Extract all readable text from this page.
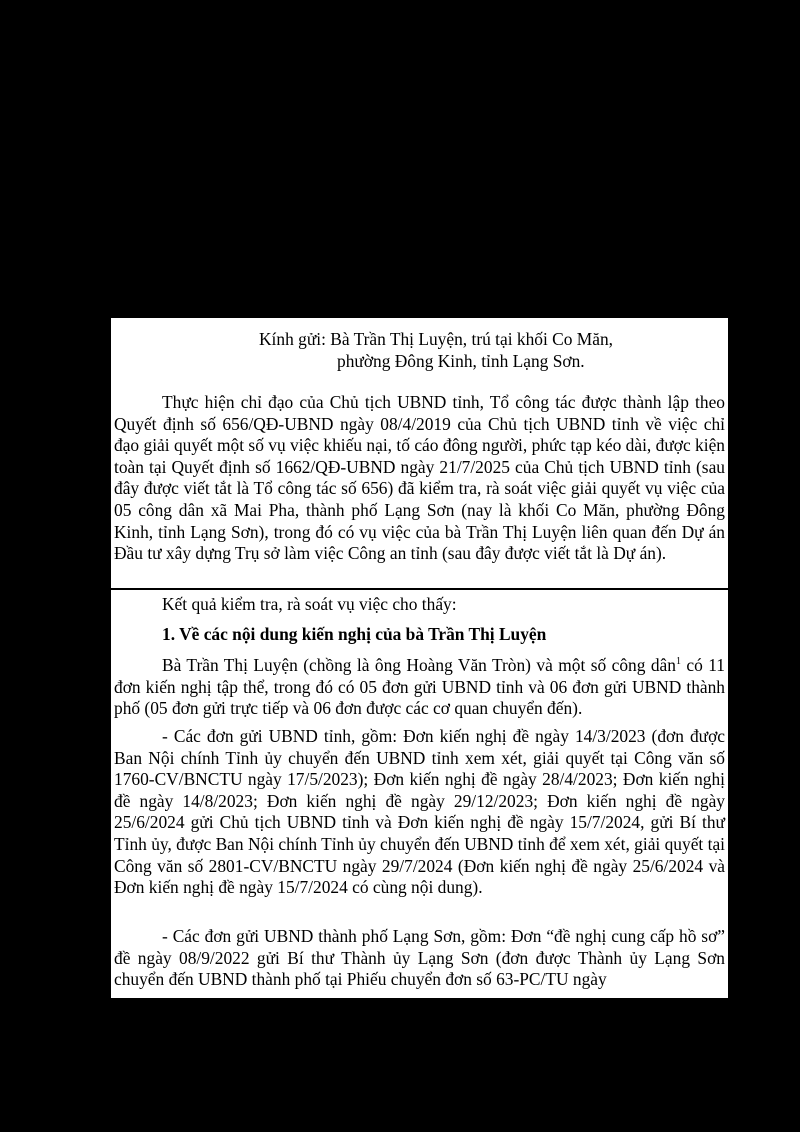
Kính gửi: Bà Trần Thị Luyện, trú tại khối Co Măn,
phường Đông Kinh, tỉnh Lạng Sơn.

Thực hiện chỉ đạo của Chủ tịch UBND tỉnh, Tổ công tác được thành lập theo Quyết định số 656/QĐ-UBND ngày 08/4/2019 của Chủ tịch UBND tỉnh về việc chỉ đạo giải quyết một số vụ việc khiếu nại, tố cáo đông người, phức tạp kéo dài, được kiện toàn tại Quyết định số 1662/QĐ-UBND ngày 21/7/2025 của Chủ tịch UBND tỉnh (sau đây được viết tắt là Tổ công tác số 656) đã kiểm tra, rà soát việc giải quyết vụ việc của 05 công dân xã Mai Pha, thành phố Lạng Sơn (nay là khối Co Măn, phường Đông Kinh, tỉnh Lạng Sơn), trong đó có vụ việc của bà Trần Thị Luyện liên quan đến Dự án Đầu tư xây dựng Trụ sở làm việc Công an tỉnh (sau đây được viết tắt là Dự án).

Kết quả kiểm tra, rà soát vụ việc cho thấy:

1. Về các nội dung kiến nghị của bà Trần Thị Luyện

Bà Trần Thị Luyện (chồng là ông Hoàng Văn Tròn) và một số công dân$^1$ có 11 đơn kiến nghị tập thể, trong đó có 05 đơn gửi UBND tỉnh và 06 đơn gửi UBND thành phố (05 đơn gửi trực tiếp và 06 đơn được các cơ quan chuyển đến).

- Các đơn gửi UBND tỉnh, gồm: Đơn kiến nghị đề ngày 14/3/2023 (đơn được Ban Nội chính Tỉnh ủy chuyển đến UBND tỉnh xem xét, giải quyết tại Công văn số 1760-CV/BNCTU ngày 17/5/2023); Đơn kiến nghị đề ngày 28/4/2023; Đơn kiến nghị đề ngày 14/8/2023; Đơn kiến nghị đề ngày 29/12/2023; Đơn kiến nghị đề ngày 25/6/2024 gửi Chủ tịch UBND tỉnh và Đơn kiến nghị đề ngày 15/7/2024, gửi Bí thư Tỉnh ủy, được Ban Nội chính Tỉnh ủy chuyển đến UBND tỉnh để xem xét, giải quyết tại Công văn số 2801-CV/BNCTU ngày 29/7/2024 (Đơn kiến nghị đề ngày 25/6/2024 và Đơn kiến nghị đề ngày 15/7/2024 có cùng nội dung).

- Các đơn gửi UBND thành phố Lạng Sơn, gồm: Đơn “đề nghị cung cấp hồ sơ” đề ngày 08/9/2022 gửi Bí thư Thành ủy Lạng Sơn (đơn được Thành ủy Lạng Sơn chuyển đến UBND thành phố tại Phiếu chuyển đơn số 63-PC/TU ngày
